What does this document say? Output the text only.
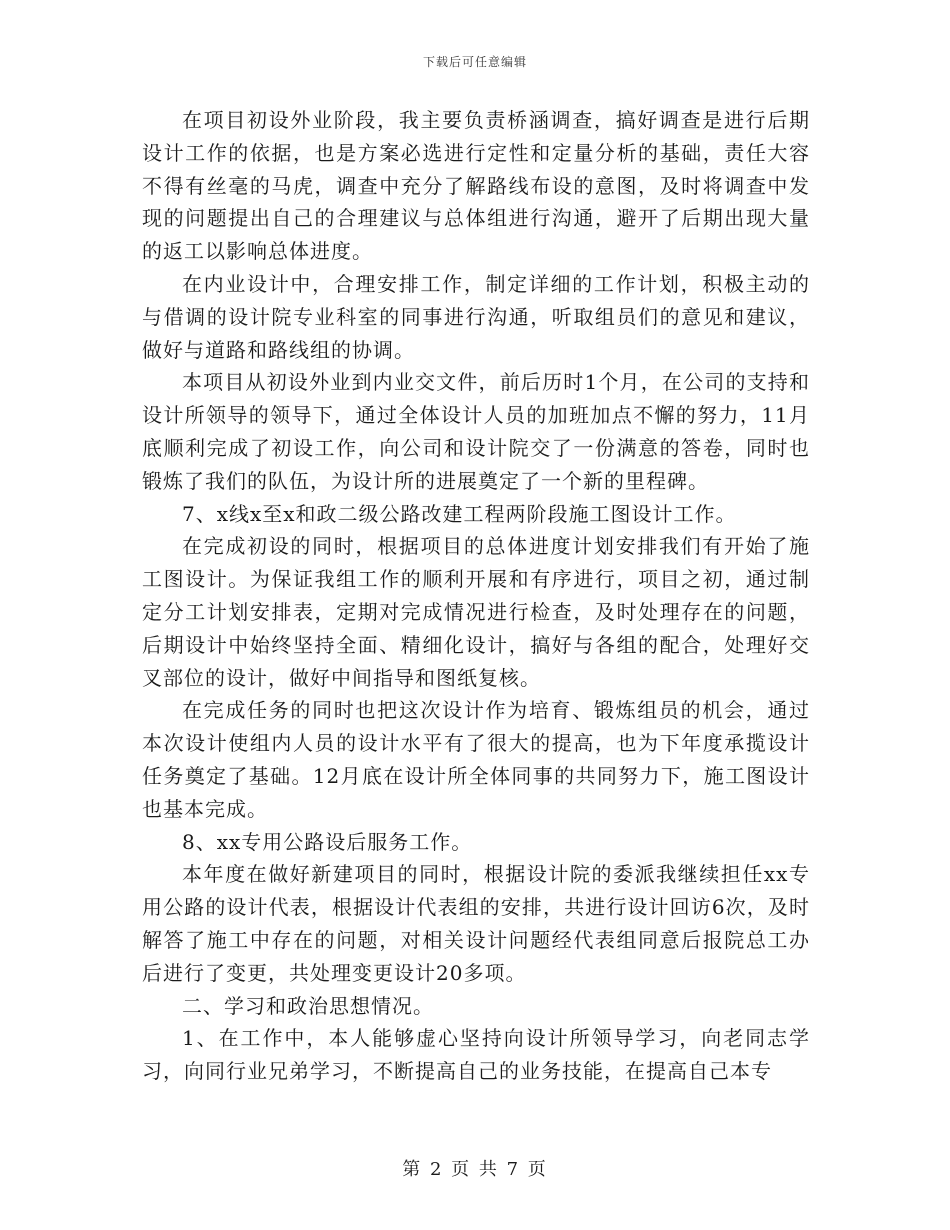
下载后可任意编辑

在项目初设外业阶段，我主要负责桥涵调查，搞好调查是进行后期设计工作的依据，也是方案必选进行定性和定量分析的基础，责任大容不得有丝毫的马虎，调查中充分了解路线布设的意图，及时将调查中发现的问题提出自己的合理建议与总体组进行沟通，避开了后期出现大量的返工以影响总体进度。

在内业设计中，合理安排工作，制定详细的工作计划，积极主动的与借调的设计院专业科室的同事进行沟通，听取组员们的意见和建议，做好与道路和路线组的协调。

本项目从初设外业到内业交文件，前后历时1个月，在公司的支持和设计所领导的领导下，通过全体设计人员的加班加点不懈的努力，11月底顺利完成了初设工作，向公司和设计院交了一份满意的答卷，同时也锻炼了我们的队伍，为设计所的进展奠定了一个新的里程碑。

7、x线x至x和政二级公路改建工程两阶段施工图设计工作。

在完成初设的同时，根据项目的总体进度计划安排我们有开始了施工图设计。为保证我组工作的顺利开展和有序进行，项目之初，通过制定分工计划安排表，定期对完成情况进行检查，及时处理存在的问题，后期设计中始终坚持全面、精细化设计，搞好与各组的配合，处理好交叉部位的设计，做好中间指导和图纸复核。

在完成任务的同时也把这次设计作为培育、锻炼组员的机会，通过本次设计使组内人员的设计水平有了很大的提高，也为下年度承揽设计任务奠定了基础。12月底在设计所全体同事的共同努力下，施工图设计也基本完成。

8、xx专用公路设后服务工作。

本年度在做好新建项目的同时，根据设计院的委派我继续担任xx专用公路的设计代表，根据设计代表组的安排，共进行设计回访6次，及时解答了施工中存在的问题，对相关设计问题经代表组同意后报院总工办后进行了变更，共处理变更设计20多项。

二、学习和政治思想情况。

1、在工作中，本人能够虚心坚持向设计所领导学习，向老同志学习，向同行业兄弟学习，不断提高自己的业务技能，在提高自己本专

第 2 页 共 7 页
